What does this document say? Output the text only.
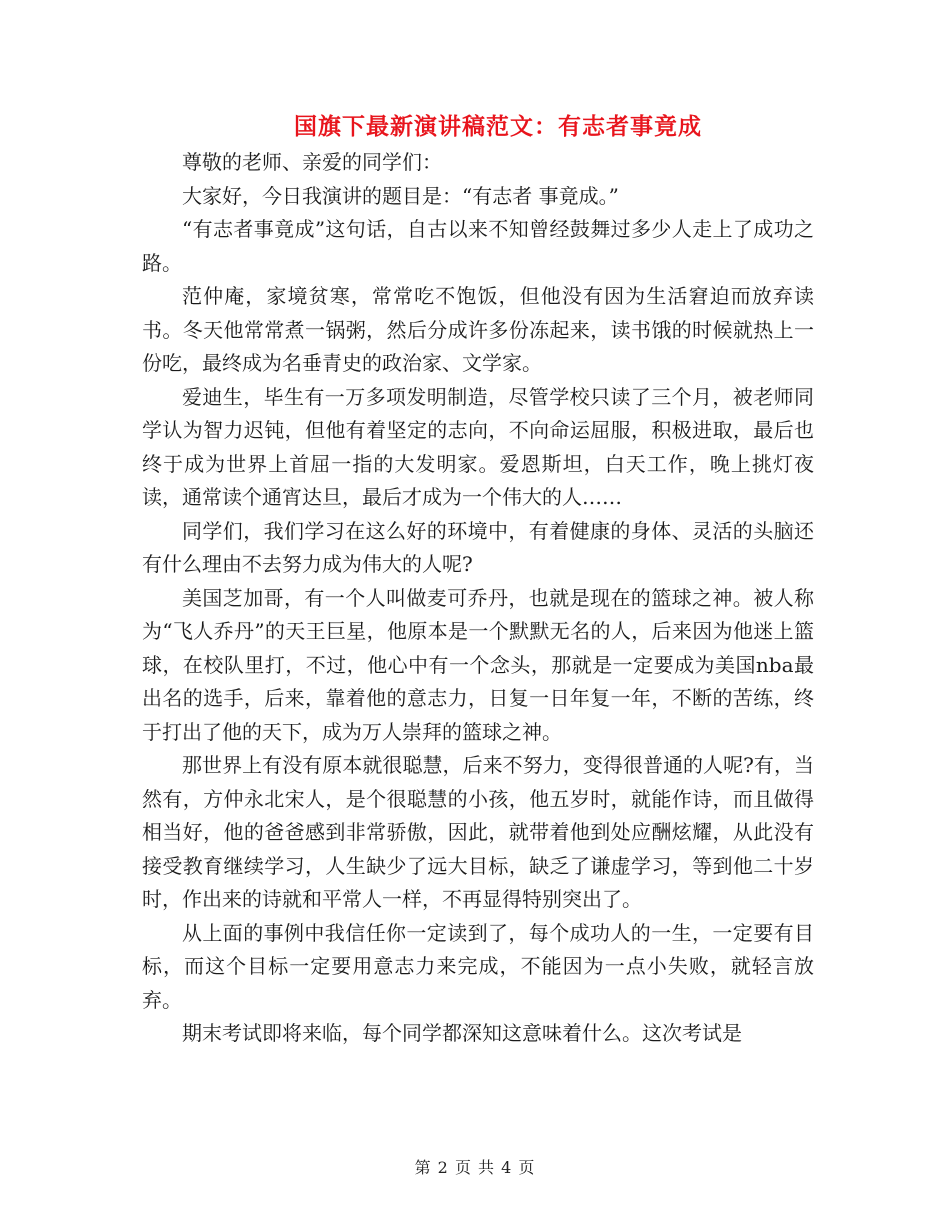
国旗下最新演讲稿范文：有志者事竟成

尊敬的老师、亲爱的同学们：

大家好，今日我演讲的题目是：“有志者 事竟成。”

“有志者事竟成”这句话，自古以来不知曾经鼓舞过多少人走上了成功之路。

范仲庵，家境贫寒，常常吃不饱饭，但他没有因为生活窘迫而放弃读书。冬天他常常煮一锅粥，然后分成许多份冻起来，读书饿的时候就热上一份吃，最终成为名垂青史的政治家、文学家。

爱迪生，毕生有一万多项发明制造，尽管学校只读了三个月，被老师同学认为智力迟钝，但他有着坚定的志向，不向命运屈服，积极进取，最后也终于成为世界上首屈一指的大发明家。爱恩斯坦，白天工作，晚上挑灯夜读，通常读个通宵达旦，最后才成为一个伟大的人……

同学们，我们学习在这么好的环境中，有着健康的身体、灵活的头脑还有什么理由不去努力成为伟大的人呢?

美国芝加哥，有一个人叫做麦可乔丹，也就是现在的篮球之神。被人称为“飞人乔丹”的天王巨星，他原本是一个默默无名的人，后来因为他迷上篮球，在校队里打，不过，他心中有一个念头，那就是一定要成为美国nba最出名的选手，后来，靠着他的意志力，日复一日年复一年，不断的苦练，终于打出了他的天下，成为万人崇拜的篮球之神。

那世界上有没有原本就很聪慧，后来不努力，变得很普通的人呢?有，当然有，方仲永北宋人，是个很聪慧的小孩，他五岁时，就能作诗，而且做得相当好，他的爸爸感到非常骄傲，因此，就带着他到处应酬炫耀，从此没有接受教育继续学习，人生缺少了远大目标，缺乏了谦虚学习，等到他二十岁时，作出来的诗就和平常人一样，不再显得特别突出了。

从上面的事例中我信任你一定读到了，每个成功人的一生，一定要有目标，而这个目标一定要用意志力来完成，不能因为一点小失败，就轻言放弃。

期末考试即将来临，每个同学都深知这意味着什么。这次考试是

第 2 页 共 4 页
